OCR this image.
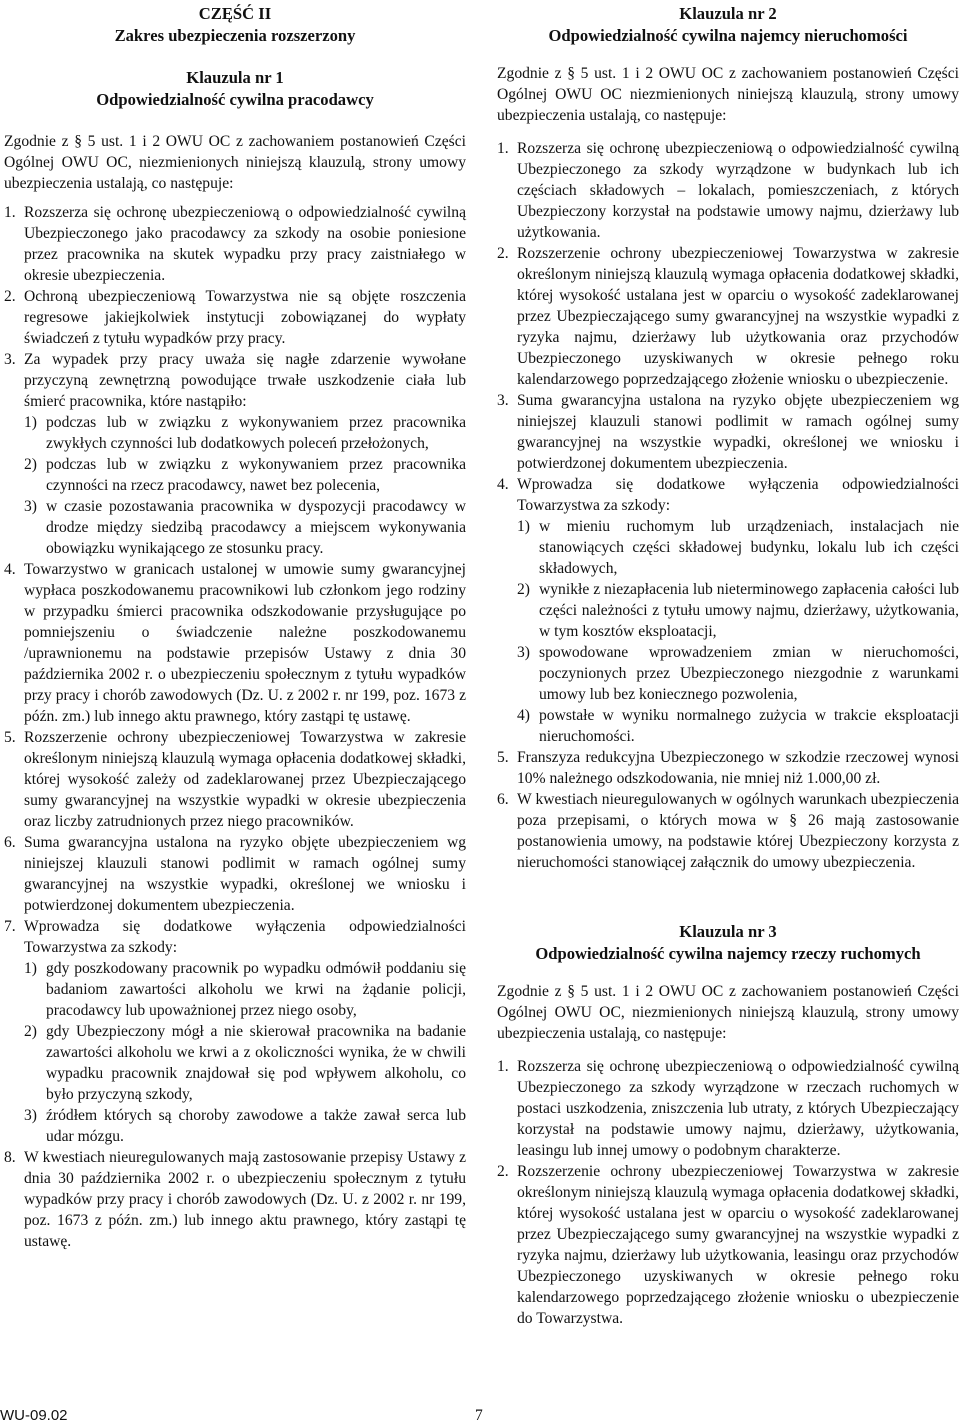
CZĘŚĆ II
Zakres ubezpieczenia rozszerzony
Klauzula nr 1
Odpowiedzialność cywilna pracodawcy

Zgodnie z § 5 ust. 1 i 2 OWU OC z zachowaniem postanowień Części Ogólnej OWU OC, niezmienionych niniejszą klauzulą, strony umowy ubezpieczenia ustalają, co następuje:

1. Rozszerza się ochronę ubezpieczeniową o odpowiedzialność cywilną Ubezpieczonego jako pracodawcy za szkody na osobie poniesione przez pracownika na skutek wypadku przy pracy zaistniałego w okresie ubezpieczenia.
2. Ochroną ubezpieczeniową Towarzystwa nie są objęte roszczenia regresowe jakiejkolwiek instytucji zobowiązanej do wypłaty świadczeń z tytułu wypadków przy pracy.
3. Za wypadek przy pracy uważa się nagłe zdarzenie wywołane przyczyną zewnętrzną powodujące trwałe uszkodzenie ciała lub śmierć pracownika, które nastąpiło:
1) podczas lub w związku z wykonywaniem przez pracownika zwykłych czynności lub dodatkowych poleceń przełożonych,
2) podczas lub w związku z wykonywaniem przez pracownika czynności na rzecz pracodawcy, nawet bez polecenia,
3) w czasie pozostawania pracownika w dyspozycji pracodawcy w drodze między siedzibą pracodawcy a miejscem wykonywania obowiązku wynikającego ze stosunku pracy.
4. Towarzystwo w granicach ustalonej w umowie sumy gwarancyjnej wypłaca poszkodowanemu pracownikowi lub członkom jego rodziny w przypadku śmierci pracownika odszkodowanie przysługujące po pomniejszeniu o świadczenie należne poszkodowanemu /uprawnionemu na podstawie przepisów Ustawy z dnia 30 października 2002 r. o ubezpieczeniu społecznym z tytułu wypadków przy pracy i chorób zawodowych (Dz. U. z 2002 r. nr 199, poz. 1673 z późn. zm.) lub innego aktu prawnego, który zastąpi tę ustawę.
5. Rozszerzenie ochrony ubezpieczeniowej Towarzystwa w zakresie określonym niniejszą klauzulą wymaga opłacenia dodatkowej składki, której wysokość zależy od zadeklarowanej przez Ubezpieczającego sumy gwarancyjnej na wszystkie wypadki w okresie ubezpieczenia oraz liczby zatrudnionych przez niego pracowników.
6. Suma gwarancyjna ustalona na ryzyko objęte ubezpieczeniem wg niniejszej klauzuli stanowi podlimit w ramach ogólnej sumy gwarancyjnej na wszystkie wypadki, określonej we wniosku i potwierdzonej dokumentem ubezpieczenia.
7. Wprowadza się dodatkowe wyłączenia odpowiedzialności Towarzystwa za szkody:
1) gdy poszkodowany pracownik po wypadku odmówił poddaniu się badaniom zawartości alkoholu we krwi na żądanie policji, pracodawcy lub upoważnionej przez niego osoby,
2) gdy Ubezpieczony mógł a nie skierował pracownika na badanie zawartości alkoholu we krwi a z okoliczności wynika, że w chwili wypadku pracownik znajdował się pod wpływem alkoholu, co było przyczyną szkody,
3) źródłem których są choroby zawodowe a także zawał serca lub udar mózgu.
8. W kwestiach nieuregulowanych mają zastosowanie przepisy Ustawy z dnia 30 października 2002 r. o ubezpieczeniu społecznym z tytułu wypadków przy pracy i chorób zawodowych (Dz. U. z 2002 r. nr 199, poz. 1673 z późn. zm.) lub innego aktu prawnego, który zastąpi tę ustawę.
Klauzula nr 2
Odpowiedzialność cywilna najemcy nieruchomości

Zgodnie z § 5 ust. 1 i 2 OWU OC z zachowaniem postanowień Części Ogólnej OWU OC niezmienionych niniejszą klauzulą, strony umowy ubezpieczenia ustalają, co następuje:

1. Rozszerza się ochronę ubezpieczeniową o odpowiedzialność cywilną Ubezpieczonego za szkody wyrządzone w budynkach lub ich częściach składowych – lokalach, pomieszczeniach, z których Ubezpieczony korzystał na podstawie umowy najmu, dzierżawy lub użytkowania.
2. Rozszerzenie ochrony ubezpieczeniowej Towarzystwa w zakresie określonym niniejszą klauzulą wymaga opłacenia dodatkowej składki, której wysokość ustalana jest w oparciu o wysokość zadeklarowanej przez Ubezpieczającego sumy gwarancyjnej na wszystkie wypadki z ryzyka najmu, dzierżawy lub użytkowania oraz przychodów Ubezpieczonego uzyskiwanych w okresie pełnego roku kalendarzowego poprzedzającego złożenie wniosku o ubezpieczenie.
3. Suma gwarancyjna ustalona na ryzyko objęte ubezpieczeniem wg niniejszej klauzuli stanowi podlimit w ramach ogólnej sumy gwarancyjnej na wszystkie wypadki, określonej we wniosku i potwierdzonej dokumentem ubezpieczenia.
4. Wprowadza się dodatkowe wyłączenia odpowiedzialności Towarzystwa za szkody:
1) w mieniu ruchomym lub urządzeniach, instalacjach nie stanowiących części składowej budynku, lokalu lub ich części składowych,
2) wynikłe z niezapłacenia lub nieterminowego zapłacenia całości lub części należności z tytułu umowy najmu, dzierżawy, użytkowania, w tym kosztów eksploatacji,
3) spowodowane wprowadzeniem zmian w nieruchomości, poczynionych przez Ubezpieczonego niezgodnie z warunkami umowy lub bez koniecznego pozwolenia,
4) powstałe w wyniku normalnego zużycia w trakcie eksploatacji nieruchomości.
5. Franszyza redukcyjna Ubezpieczonego w szkodzie rzeczowej wynosi 10% należnego odszkodowania, nie mniej niż 1.000,00 zł.
6. W kwestiach nieuregulowanych w ogólnych warunkach ubezpieczenia poza przepisami, o których mowa w § 26 mają zastosowanie postanowienia umowy, na podstawie której Ubezpieczony korzysta z nieruchomości stanowiącej załącznik do umowy ubezpieczenia.
Klauzula nr 3
Odpowiedzialność cywilna najemcy rzeczy ruchomych

Zgodnie z § 5 ust. 1 i 2 OWU OC z zachowaniem postanowień Części Ogólnej OWU OC, niezmienionych niniejszą klauzulą, strony umowy ubezpieczenia ustalają, co następuje:

1. Rozszerza się ochronę ubezpieczeniową o odpowiedzialność cywilną Ubezpieczonego za szkody wyrządzone w rzeczach ruchomych w postaci uszkodzenia, zniszczenia lub utraty, z których Ubezpieczający korzystał na podstawie umowy najmu, dzierżawy, użytkowania, leasingu lub innej umowy o podobnym charakterze.
2. Rozszerzenie ochrony ubezpieczeniowej Towarzystwa w zakresie określonym niniejszą klauzulą wymaga opłacenia dodatkowej składki, której wysokość ustalana jest w oparciu o wysokość zadeklarowanej przez Ubezpieczającego sumy gwarancyjnej na wszystkie wypadki z ryzyka najmu, dzierżawy lub użytkowania, leasingu oraz przychodów Ubezpieczonego uzyskiwanych w okresie pełnego roku kalendarzowego poprzedzającego złożenie wniosku o ubezpieczenie do Towarzystwa.
WU-09.02	7
